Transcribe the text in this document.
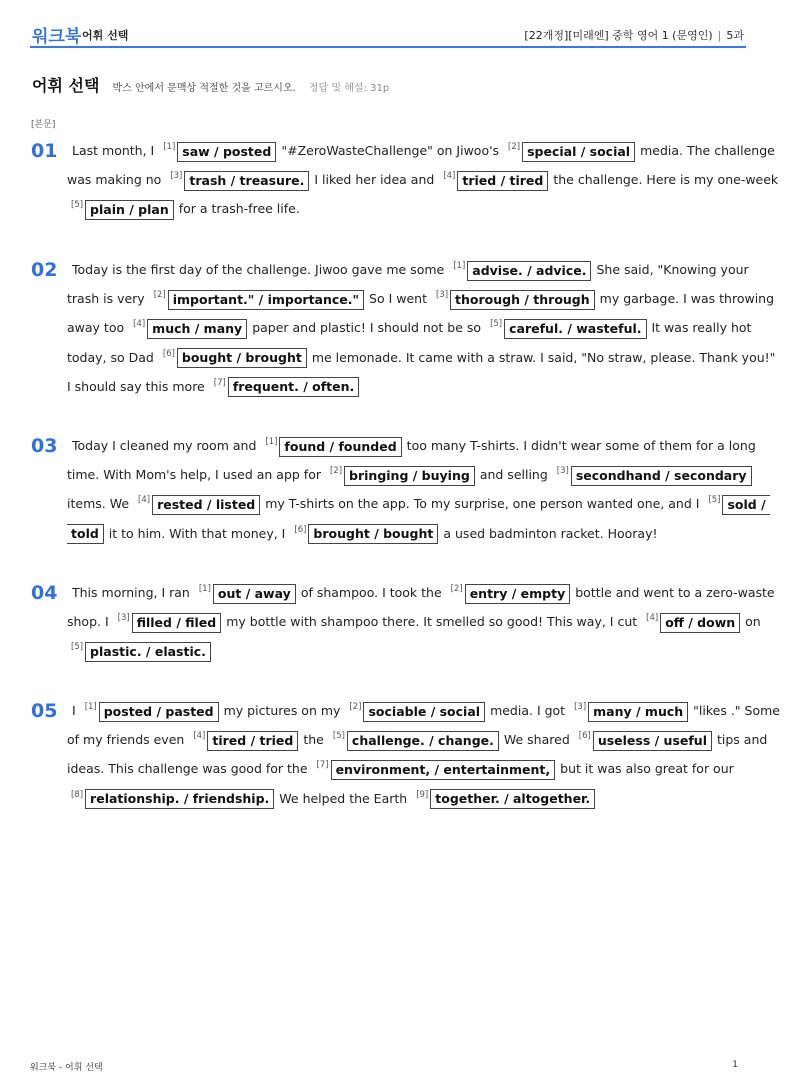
워크북 어휘 선택	[22개정][미래엔] 중학 영어 1 (문영인) | 5과
어휘 선택 박스 안에서 문맥상 적절한 것을 고르시오. 정답 및 해설: 31p
[본문]
01 Last month, I [1] saw / posted "#ZeroWasteChallenge" on Jiwoo's [2] special / social media. The challenge
was making no [3] trash / treasure. I liked her idea and [4] tried / tired the challenge. Here is my one-week
[5] plain / plan for a trash-free life.
02 Today is the first day of the challenge. Jiwoo gave me some [1] advise. / advice. She said, "Knowing your
trash is very [2] important." / importance." So I went [3] thorough / through my garbage. I was throwing
away too [4] much / many paper and plastic! I should not be so [5] careful. / wasteful. It was really hot
today, so Dad [6] bought / brought me lemonade. It came with a straw. I said, "No straw, please. Thank you!"
I should say this more [7] frequent. / often.
03 Today I cleaned my room and [1] found / founded too many T-shirts. I didn't wear some of them for a long
time. With Mom's help, I used an app for [2] bringing / buying and selling [3] secondhand / secondary
items. We [4] rested / listed my T-shirts on the app. To my surprise, one person wanted one, and I [5] sold /
told it to him. With that money, I [6] brought / bought a used badminton racket. Hooray!
04 This morning, I ran [1] out / away of shampoo. I took the [2] entry / empty bottle and went to a zero-waste
shop. I [3] filled / filed my bottle with shampoo there. It smelled so good! This way, I cut [4] off / down on
[5] plastic. / elastic.
05 I [1] posted / pasted my pictures on my [2] sociable / social media. I got [3] many / much "likes ." Some
of my friends even [4] tired / tried the [5] challenge. / change. We shared [6] useless / useful tips and
ideas. This challenge was good for the [7] environment, / entertainment, but it was also great for our
[8] relationship. / friendship. We helped the Earth [9] together. / altogether.
워크북 - 어휘 선택	1
